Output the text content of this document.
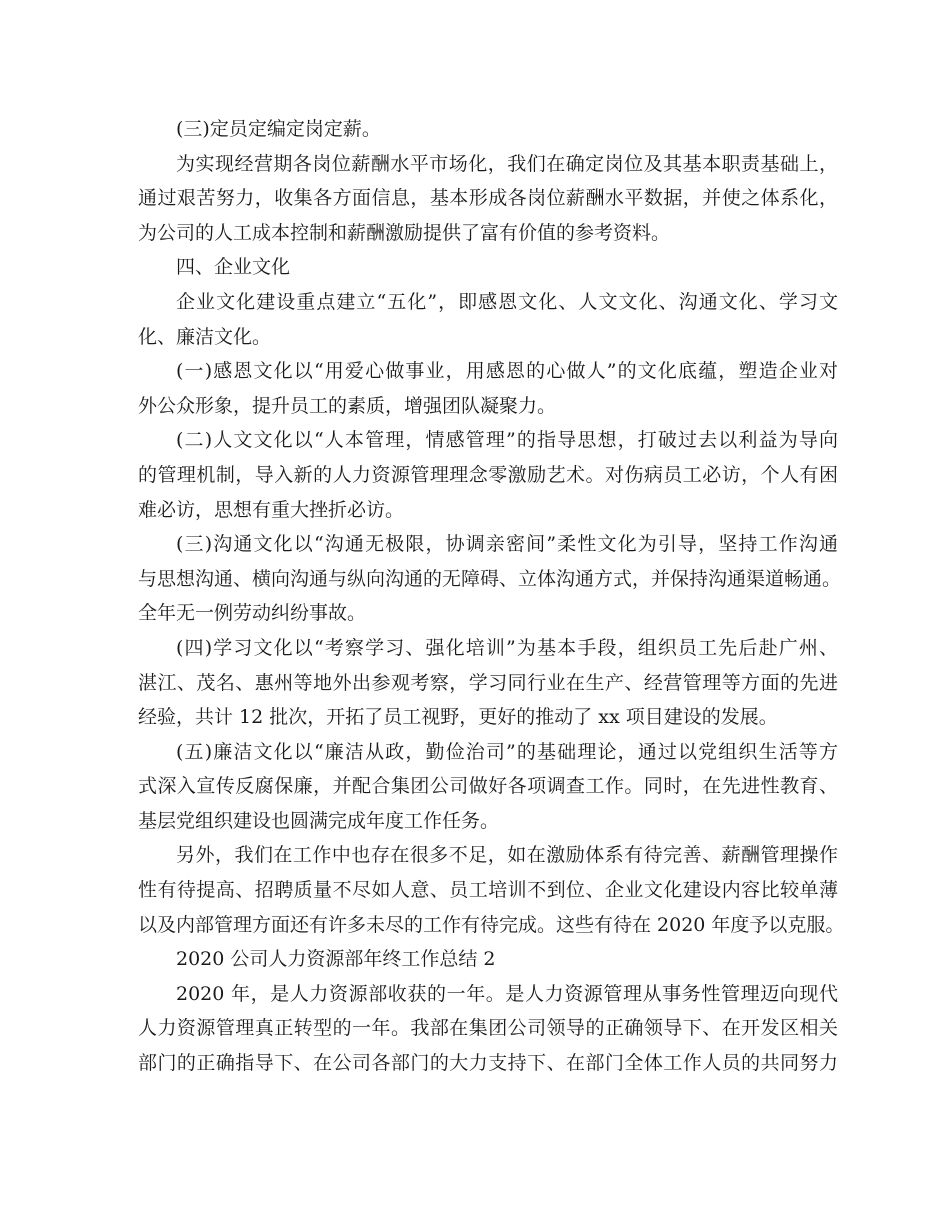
(三)定员定编定岗定薪。
为实现经营期各岗位薪酬水平市场化，我们在确定岗位及其基本职责基础上，
通过艰苦努力，收集各方面信息，基本形成各岗位薪酬水平数据，并使之体系化，
为公司的人工成本控制和薪酬激励提供了富有价值的参考资料。
四、企业文化
企业文化建设重点建立“五化”，即感恩文化、人文文化、沟通文化、学习文
化、廉洁文化。
(一)感恩文化以“用爱心做事业，用感恩的心做人”的文化底蕴，塑造企业对
外公众形象，提升员工的素质，增强团队凝聚力。
(二)人文文化以“人本管理，情感管理”的指导思想，打破过去以利益为导向
的管理机制，导入新的人力资源管理理念零激励艺术。对伤病员工必访，个人有困
难必访，思想有重大挫折必访。
(三)沟通文化以“沟通无极限，协调亲密间”柔性文化为引导，坚持工作沟通
与思想沟通、横向沟通与纵向沟通的无障碍、立体沟通方式，并保持沟通渠道畅通。
全年无一例劳动纠纷事故。
(四)学习文化以“考察学习、强化培训”为基本手段，组织员工先后赴广州、
湛江、茂名、惠州等地外出参观考察，学习同行业在生产、经营管理等方面的先进
经验，共计 12 批次，开拓了员工视野，更好的推动了 xx 项目建设的发展。
(五)廉洁文化以“廉洁从政，勤俭治司”的基础理论，通过以党组织生活等方
式深入宣传反腐保廉，并配合集团公司做好各项调查工作。同时，在先进性教育、
基层党组织建设也圆满完成年度工作任务。
另外，我们在工作中也存在很多不足，如在激励体系有待完善、薪酬管理操作
性有待提高、招聘质量不尽如人意、员工培训不到位、企业文化建设内容比较单薄
以及内部管理方面还有许多未尽的工作有待完成。这些有待在 2020 年度予以克服。
2020 公司人力资源部年终工作总结 2
2020 年，是人力资源部收获的一年。是人力资源管理从事务性管理迈向现代
人力资源管理真正转型的一年。我部在集团公司领导的正确领导下、在开发区相关
部门的正确指导下、在公司各部门的大力支持下、在部门全体工作人员的共同努力
